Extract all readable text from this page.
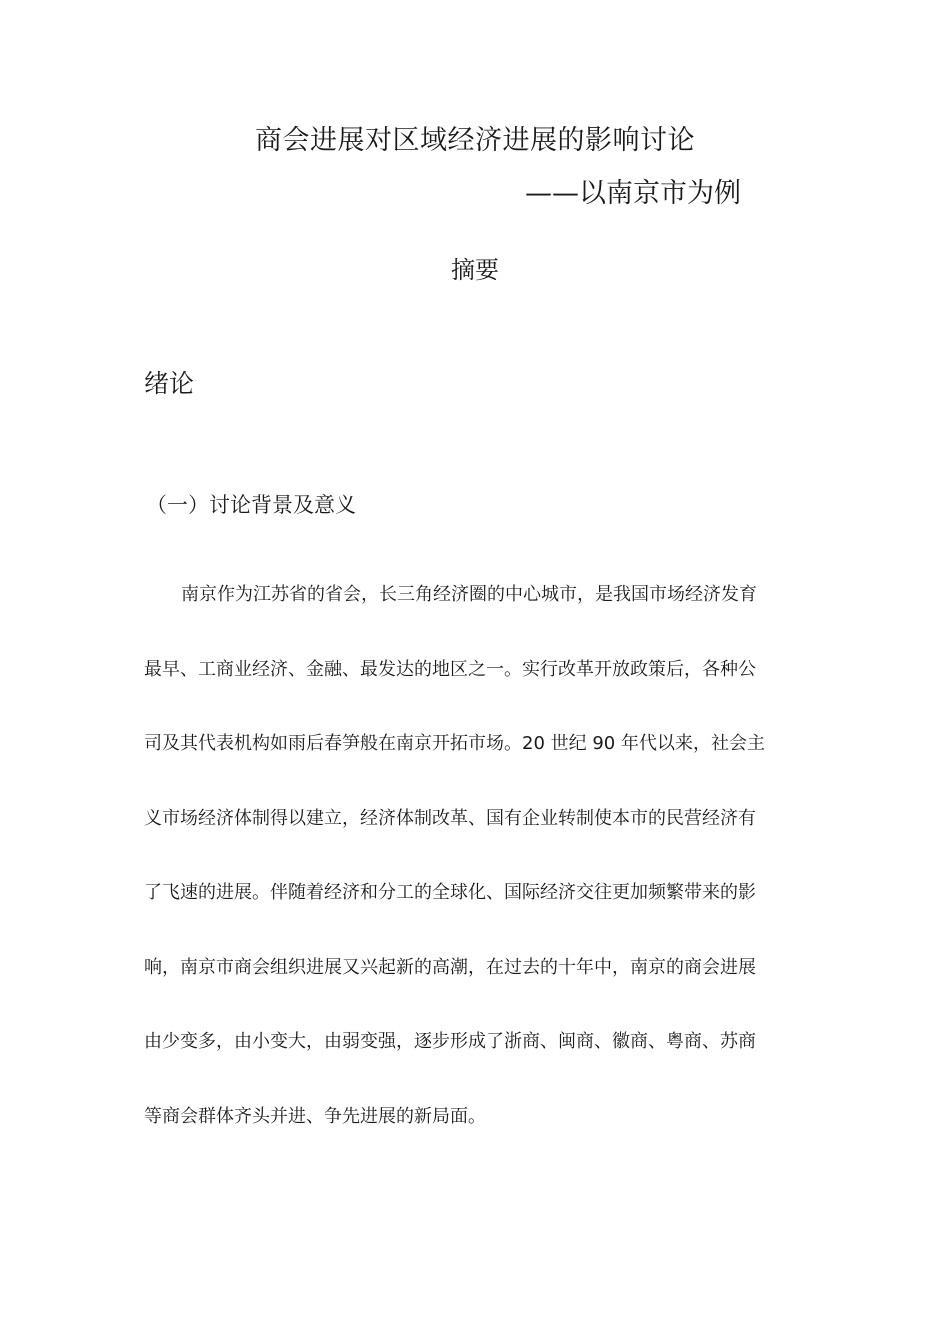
商会进展对区域经济进展的影响讨论
——以南京市为例
摘要
绪论
（一）讨论背景及意义
南京作为江苏省的省会，长三角经济圈的中心城市，是我国市场经济发育
最早、工商业经济、金融、最发达的地区之一。实行改革开放政策后，各种公
司及其代表机构如雨后春笋般在南京开拓市场。20 世纪 90 年代以来，社会主
义市场经济体制得以建立，经济体制改革、国有企业转制使本市的民营经济有
了飞速的进展。伴随着经济和分工的全球化、国际经济交往更加频繁带来的影
响，南京市商会组织进展又兴起新的高潮，在过去的十年中，南京的商会进展
由少变多，由小变大，由弱变强，逐步形成了浙商、闽商、徽商、粤商、苏商
等商会群体齐头并进、争先进展的新局面。
